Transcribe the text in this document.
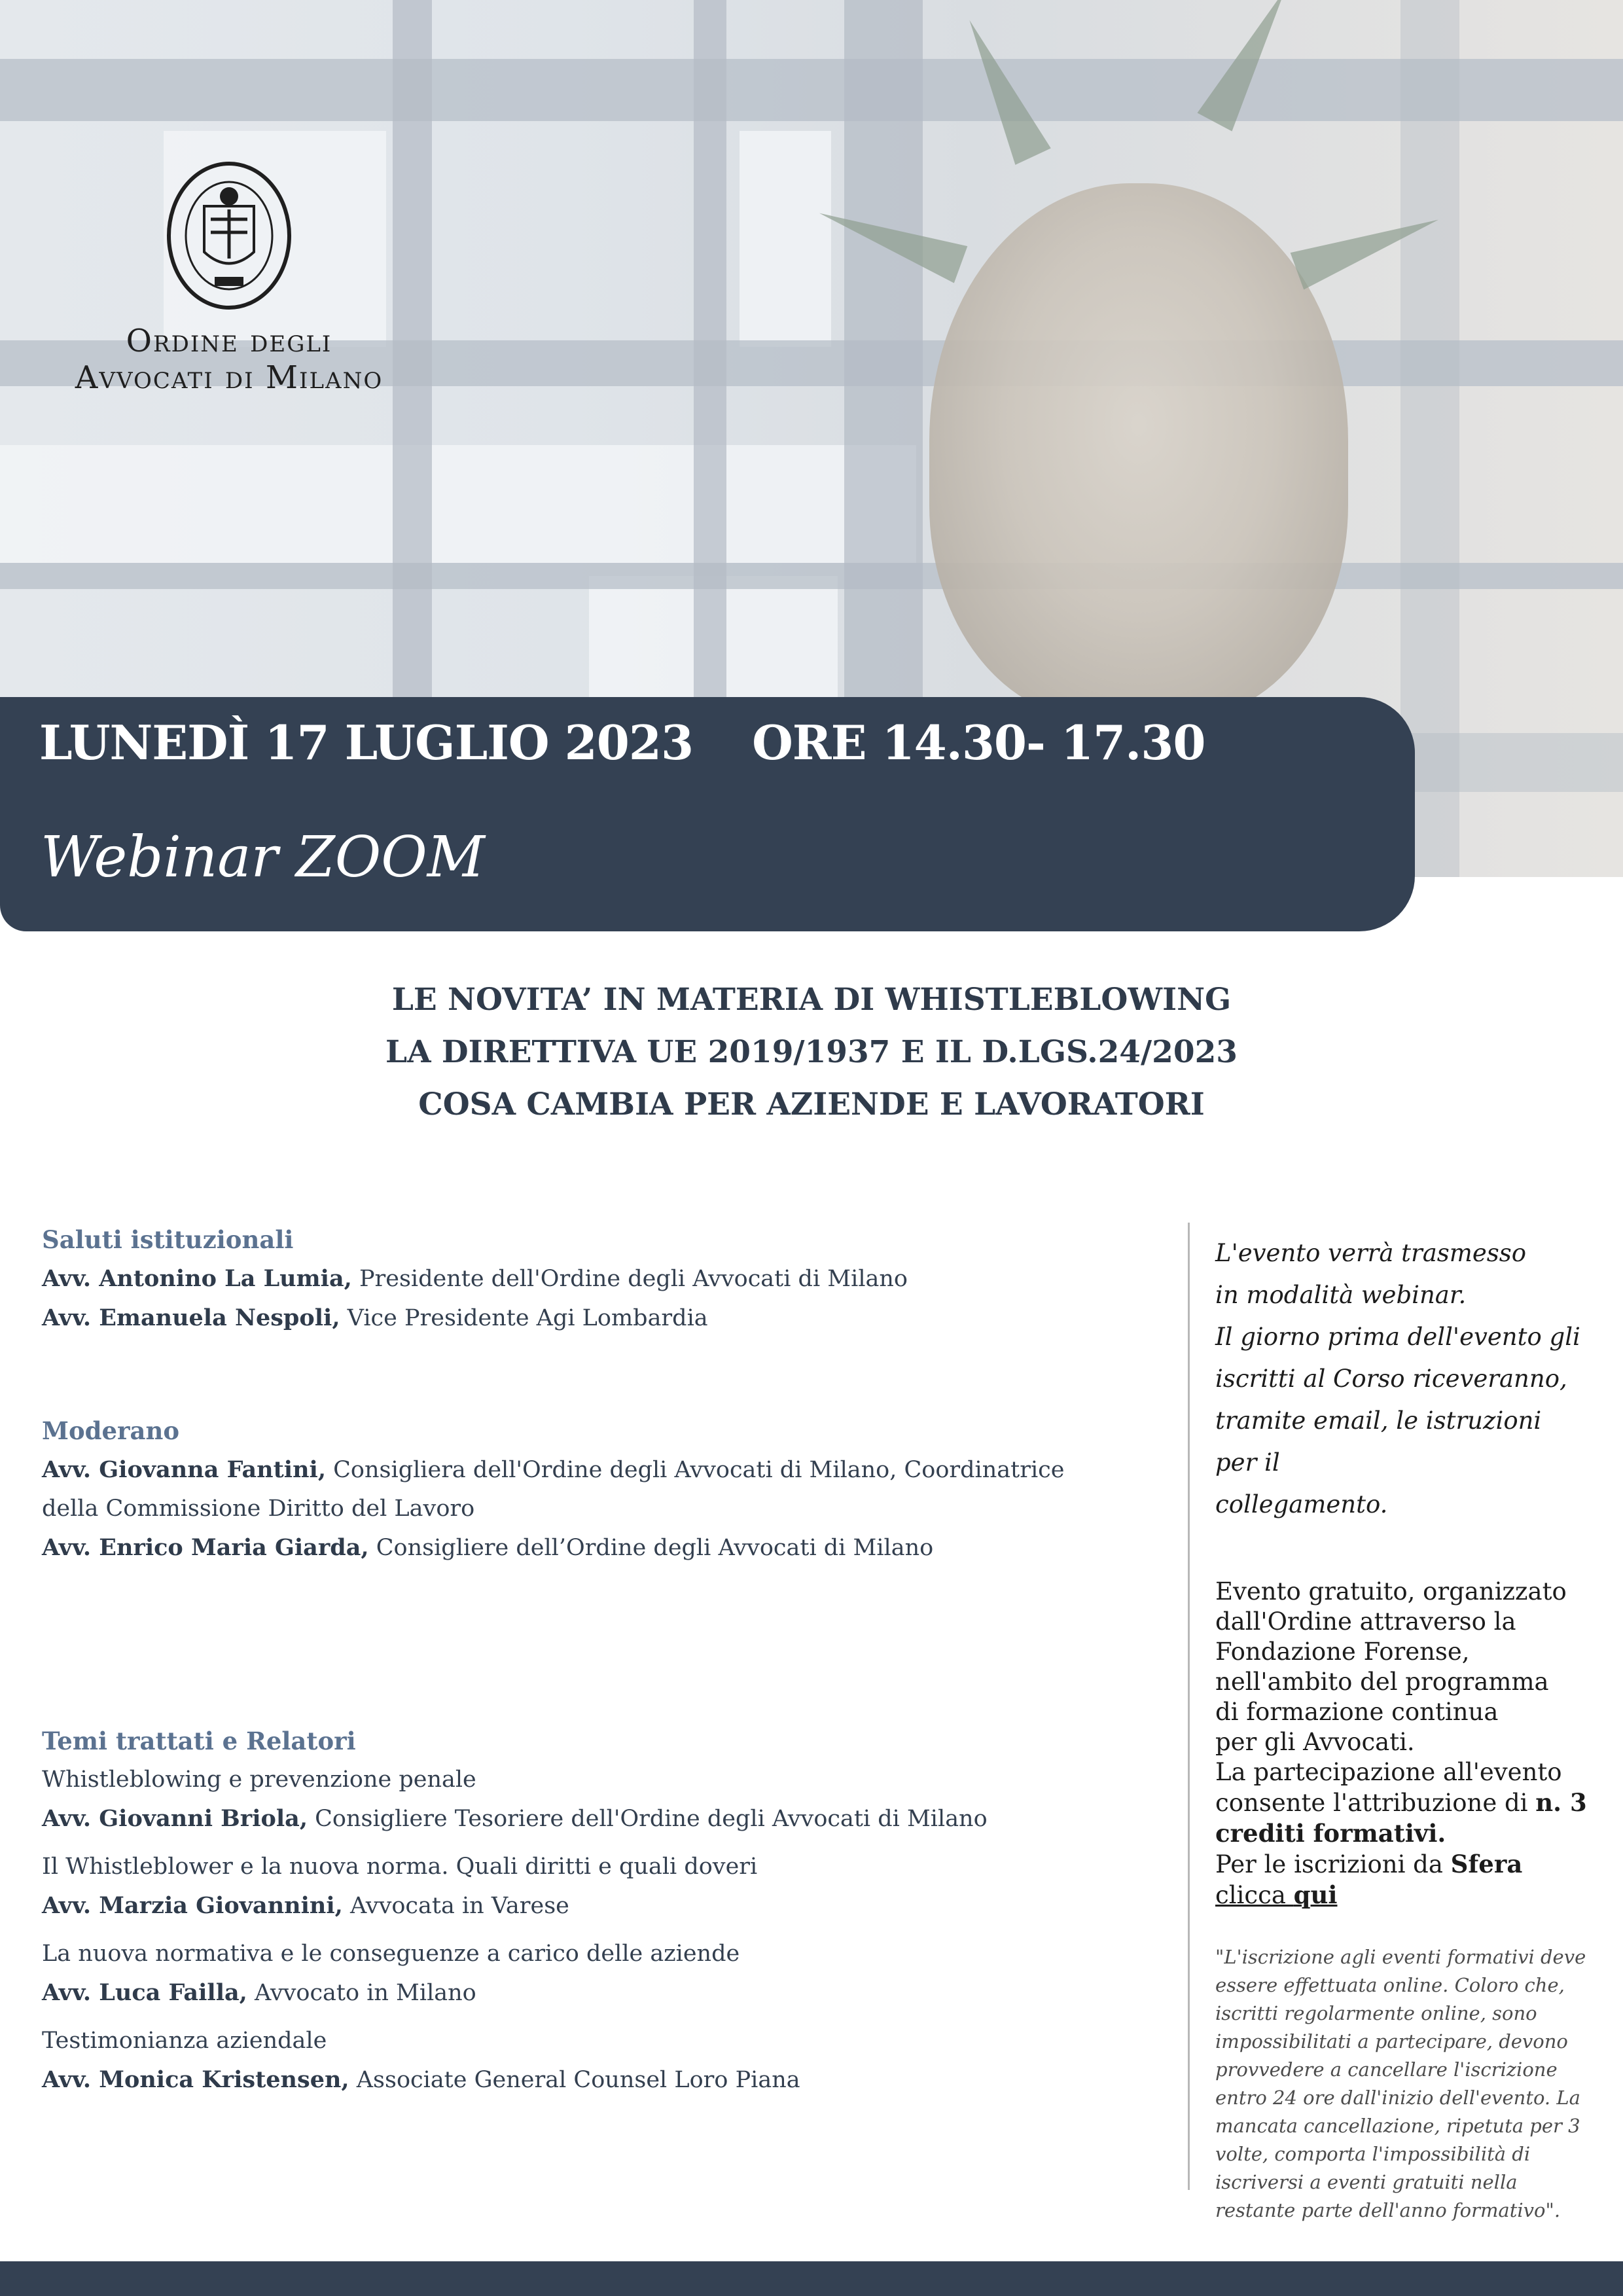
Ordine degli
Avvocati di Milano
LUNEDÌ 17 LUGLIO 2023 ORE 14.30- 17.30
Webinar ZOOM
LE NOVITA’ IN MATERIA DI WHISTLEBLOWING
LA DIRETTIVA UE 2019/1937 E IL D.LGS.24/2023
COSA CAMBIA PER AZIENDE E LAVORATORI

Saluti istituzionali

Avv. Antonino La Lumia, Presidente dell'Ordine degli Avvocati di Milano

Avv. Emanuela Nespoli, Vice Presidente Agi Lombardia

Moderano

Avv. Giovanna Fantini, Consigliera dell'Ordine degli Avvocati di Milano, Coordinatrice

della Commissione Diritto del Lavoro

Avv. Enrico Maria Giarda, Consigliere dell’Ordine degli Avvocati di Milano

Temi trattati e Relatori

Whistleblowing e prevenzione penale

Avv. Giovanni Briola, Consigliere Tesoriere dell'Ordine degli Avvocati di Milano

Il Whistleblower e la nuova norma. Quali diritti e quali doveri

Avv. Marzia Giovannini, Avvocata in Varese

La nuova normativa e le conseguenze a carico delle aziende

Avv. Luca Failla, Avvocato in Milano

Testimonianza aziendale

Avv. Monica Kristensen, Associate General Counsel Loro Piana

L'evento verrà trasmesso

in modalità webinar.

Il giorno prima dell'evento gli

iscritti al Corso riceveranno,

tramite email, le istruzioni per il

collegamento.

Evento gratuito, organizzato

dall'Ordine attraverso la

Fondazione Forense,

nell'ambito del programma

di formazione continua

per gli Avvocati.

La partecipazione all'evento consente l'attribuzione di n. 3 crediti formativi.

Per le iscrizioni da Sfera

clicca qui

"L'iscrizione agli eventi formativi deve essere effettuata online. Coloro che, iscritti regolarmente online, sono impossibilitati a partecipare, devono provvedere a cancellare l'iscrizione entro 24 ore dall'inizio dell'evento. La mancata cancellazione, ripetuta per 3 volte, comporta l'impossibilità di iscriversi a eventi gratuiti nella restante parte dell'anno formativo".
